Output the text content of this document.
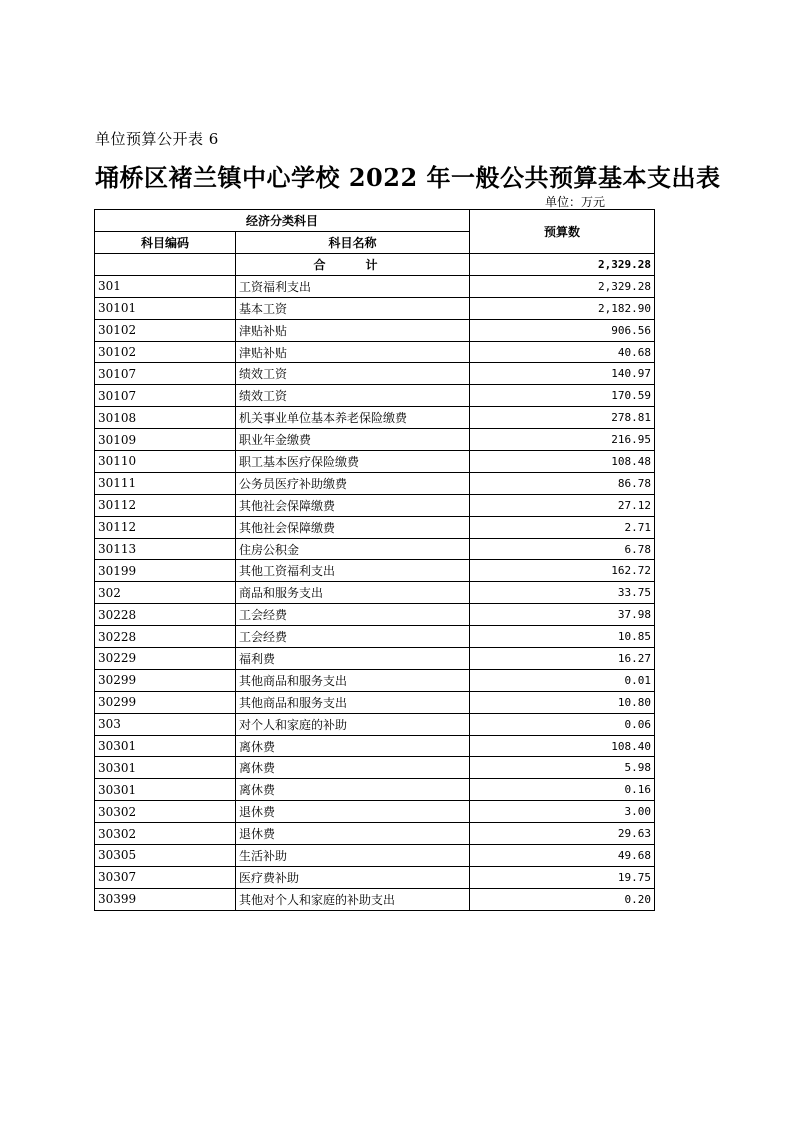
单位预算公开表 6
埇桥区褚兰镇中心学校 2022 年一般公共预算基本支出表
单位：万元
经济分类科目		预算数
科目编码	科目名称	
	合　计	2,329.28
301	工资福利支出	2,329.28
30101	基本工资	2,182.90
30102	津贴补贴	906.56
30102	津贴补贴	40.68
30107	绩效工资	140.97
30107	绩效工资	170.59
30108	机关事业单位基本养老保险缴费	278.81
30109	职业年金缴费	216.95
30110	职工基本医疗保险缴费	108.48
30111	公务员医疗补助缴费	86.78
30112	其他社会保障缴费	27.12
30112	其他社会保障缴费	2.71
30113	住房公积金	6.78
30199	其他工资福利支出	162.72
302	商品和服务支出	33.75
30228	工会经费	37.98
30228	工会经费	10.85
30229	福利费	16.27
30299	其他商品和服务支出	0.01
30299	其他商品和服务支出	10.80
303	对个人和家庭的补助	0.06
30301	离休费	108.40
30301	离休费	5.98
30301	离休费	0.16
30302	退休费	3.00
30302	退休费	29.63
30305	生活补助	49.68
30307	医疗费补助	19.75
30399	其他对个人和家庭的补助支出	0.20
